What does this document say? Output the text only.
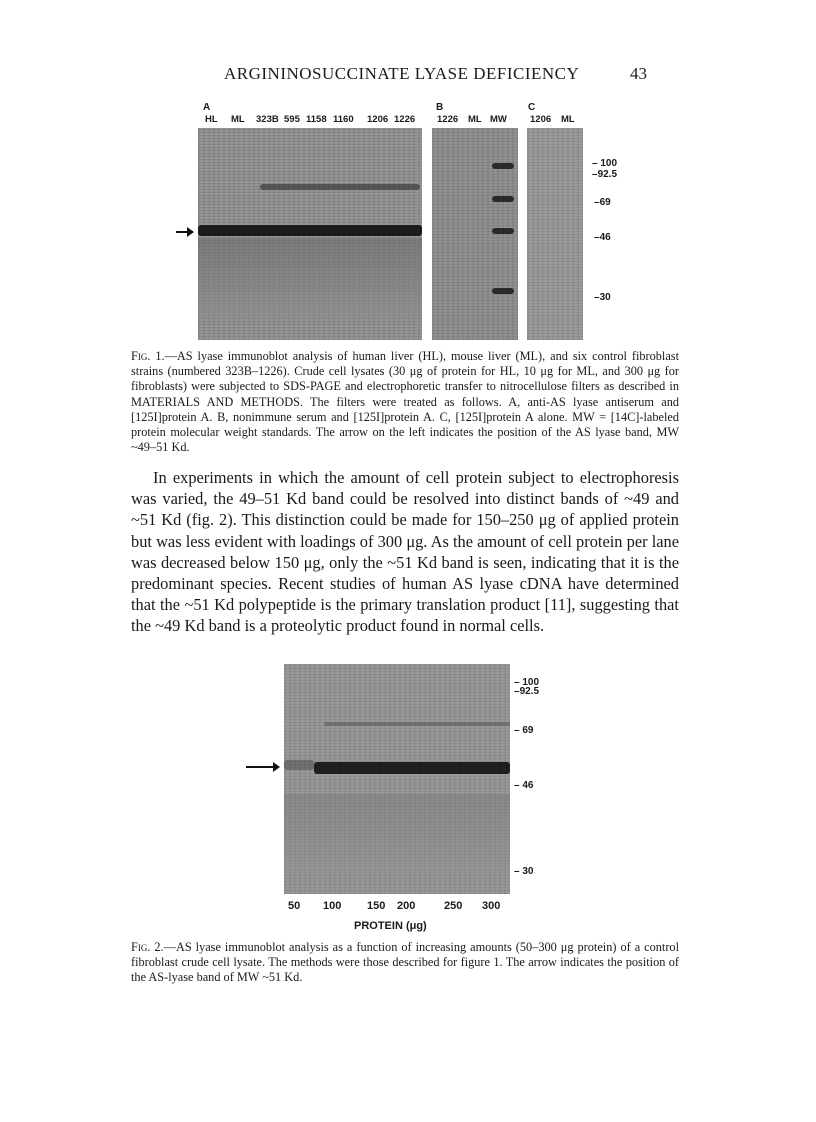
ARGININOSUCCINATE LYASE DEFICIENCY	43
A	B	C
HL ML 323B 595 1158 1160 1206 1226 1226 ML MW 1206 ML
– 100
–92.5
–69
–46
–30
Fig. 1.—AS lyase immunoblot analysis of human liver (HL), mouse liver (ML), and six control fibroblast strains (numbered 323B–1226). Crude cell lysates (30 μg of protein for HL, 10 μg for ML, and 300 μg for fibroblasts) were subjected to SDS-PAGE and electrophoretic transfer to nitrocellulose filters as described in MATERIALS AND METHODS. The filters were treated as follows. A, anti-AS lyase antiserum and [125I]protein A. B, nonimmune serum and [125I]protein A. C, [125I]protein A alone. MW = [14C]-labeled protein molecular weight standards. The arrow on the left indicates the position of the AS lyase band, MW ~49–51 Kd.
In experiments in which the amount of cell protein subject to electrophoresis was varied, the 49–51 Kd band could be resolved into distinct bands of ~49 and ~51 Kd (fig. 2). This distinction could be made for 150–250 μg of applied protein but was less evident with loadings of 300 μg. As the amount of cell protein per lane was decreased below 150 μg, only the ~51 Kd band is seen, indicating that it is the predominant species. Recent studies of human AS lyase cDNA have determined that the ~51 Kd polypeptide is the primary translation product [11], suggesting that the ~49 Kd band is a proteolytic product found in normal cells.
– 100
–92.5
– 69
– 46
– 30
50 100 150 200	250 300
PROTEIN (μg)
Fig. 2.—AS lyase immunoblot analysis as a function of increasing amounts (50–300 μg protein) of a control fibroblast crude cell lysate. The methods were those described for figure 1. The arrow indicates the position of the AS-lyase band of MW ~51 Kd.
